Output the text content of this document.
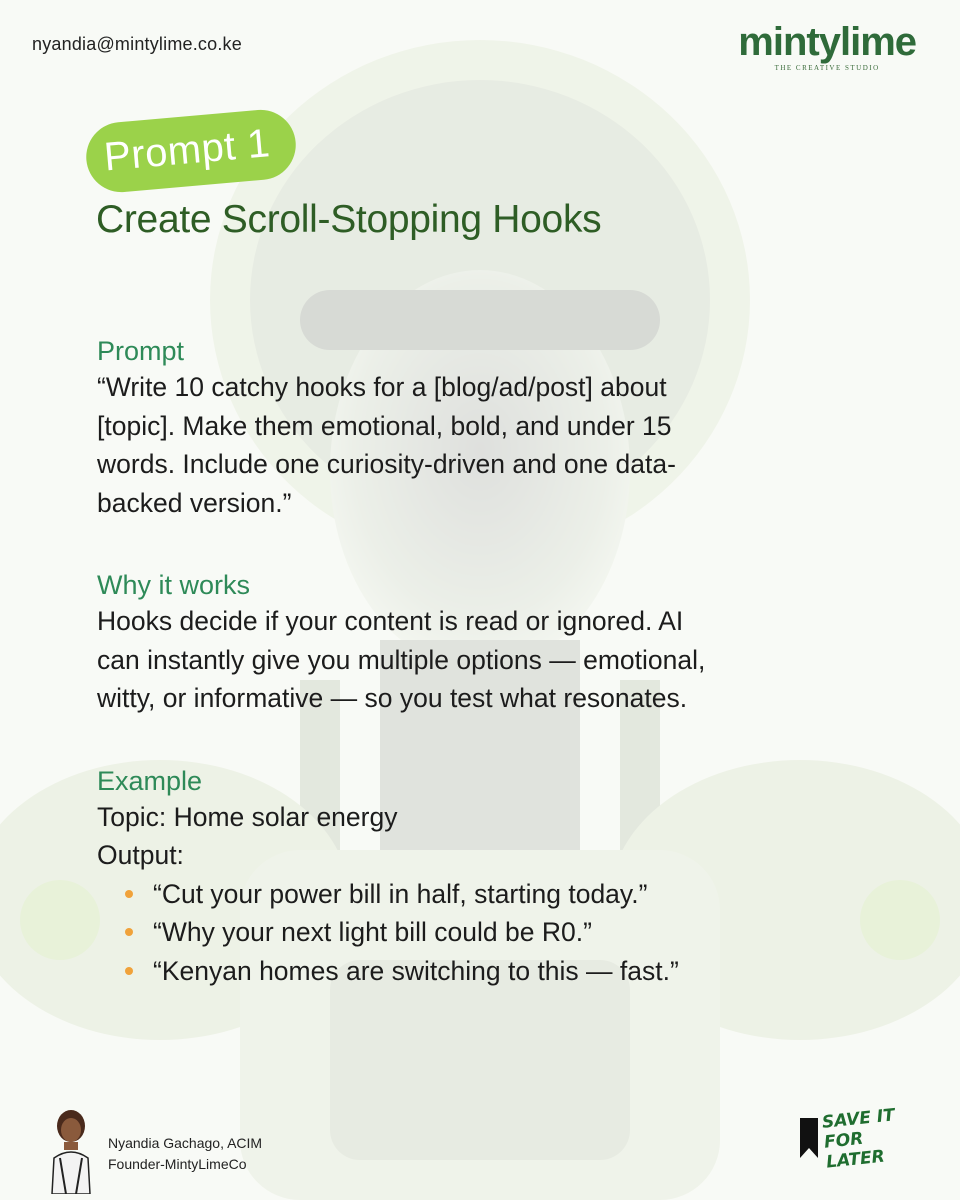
nyandia@mintylime.co.ke	mintylime
THE CREATIVE STUDIO
Prompt 1
Create Scroll-Stopping Hooks
Prompt
“Write 10 catchy hooks for a [blog/ad/post] about
[topic]. Make them emotional, bold, and under 15
words. Include one curiosity-driven and one data-
backed version.”
Why it works
Hooks decide if your content is read or ignored. AI
can instantly give you multiple options — emotional,
witty, or informative — so you test what resonates.
Example
Topic: Home solar energy
Output:
“Cut your power bill in half, starting today.”
“Why your next light bill could be R0.”
“Kenyan homes are switching to this — fast.”
Nyandia Gachago, ACIM
Founder-MintyLimeCo
SAVE IT
FOR LATER
